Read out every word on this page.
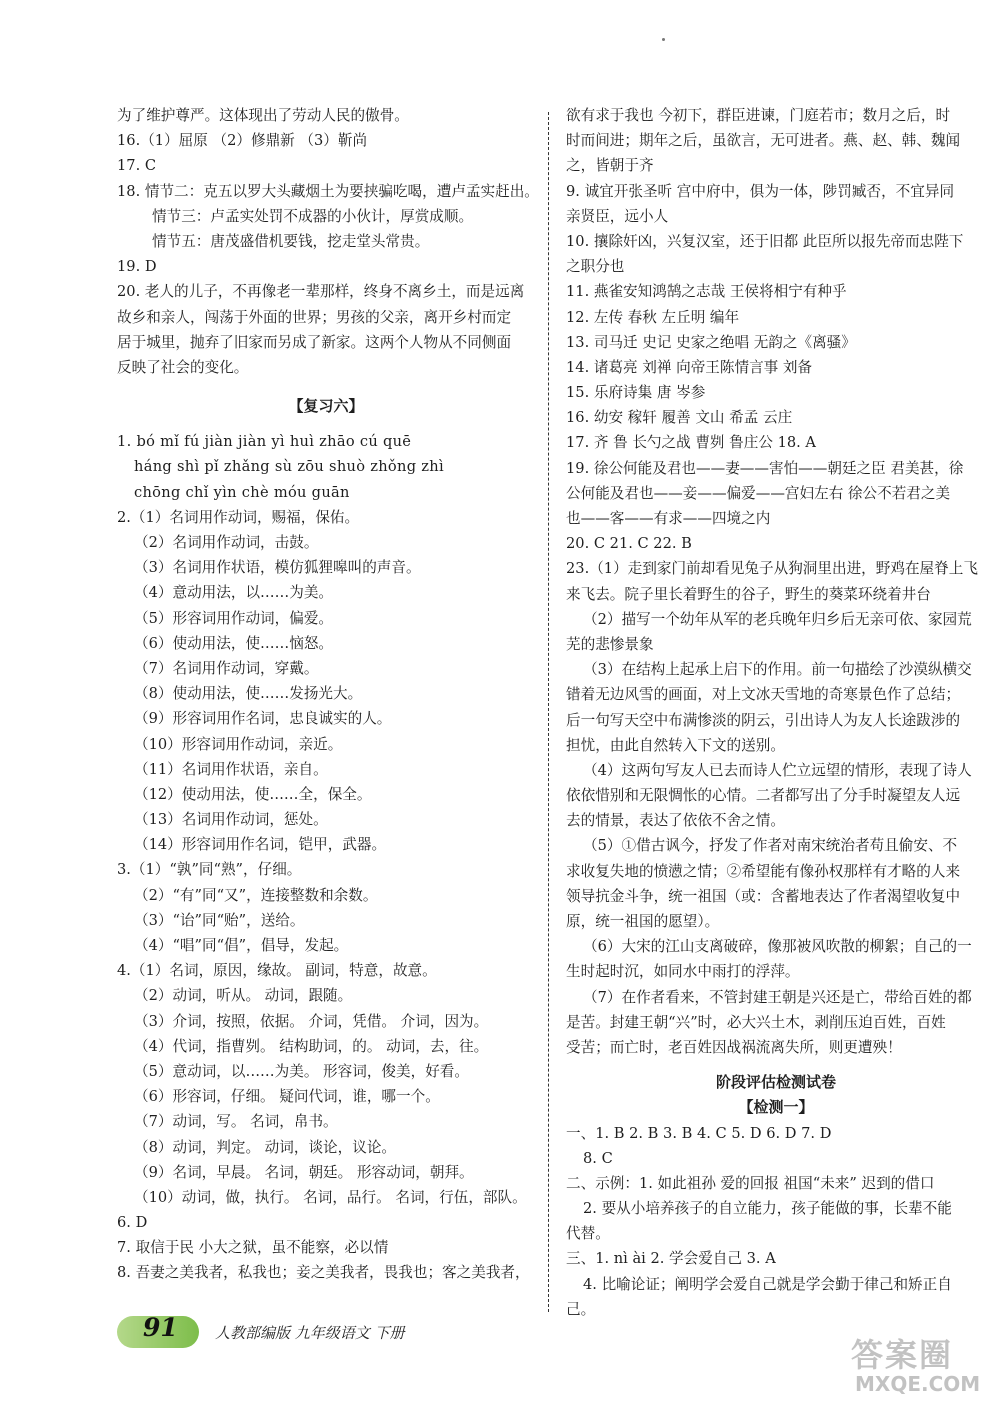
为了维护尊严。这体现出了劳动人民的傲骨。
16.（1）屈原 （2）修鼎新 （3）靳尚
17. C
18. 情节二：克五以罗大头藏烟土为要挟骗吃喝，遭卢孟实赶出。
情节三：卢孟实处罚不成器的小伙计，厚赏成顺。
情节五：唐茂盛借机要钱，挖走堂头常贵。
19. D
20. 老人的儿子，不再像老一辈那样，终身不离乡土，而是远离
故乡和亲人，闯荡于外面的世界；男孩的父亲，离开乡村而定
居于城里，抛弃了旧家而另成了新家。这两个人物从不同侧面
反映了社会的变化。
【复习六】
1. bó mǐ fú jiàn jiàn yì huì zhāo cú quē
háng shì pǐ zhǎng sù zōu shuò zhǒng zhì
chōng chǐ yìn chè móu guān
2.（1）名词用作动词，赐福，保佑。
（2）名词用作动词，击鼓。
（3）名词用作状语，模仿狐狸嗥叫的声音。
（4）意动用法，以……为美。
（5）形容词用作动词，偏爱。
（6）使动用法，使……恼怒。
（7）名词用作动词，穿戴。
（8）使动用法，使……发扬光大。
（9）形容词用作名词，忠良诚实的人。
（10）形容词用作动词，亲近。
（11）名词用作状语，亲自。
（12）使动用法，使……全，保全。
（13）名词用作动词，惩处。
（14）形容词用作名词，铠甲，武器。
3.（1）“孰”同“熟”，仔细。
（2）“有”同“又”，连接整数和余数。
（3）“诒”同“贻”，送给。
（4）“唱”同“倡”，倡导，发起。
4.（1）名词，原因，缘故。 副词，特意，故意。
（2）动词，听从。 动词，跟随。
（3）介词，按照，依据。 介词，凭借。 介词，因为。
（4）代词，指曹刿。 结构助词，的。 动词，去，往。
（5）意动词，以……为美。 形容词，俊美，好看。
（6）形容词，仔细。 疑问代词，谁，哪一个。
（7）动词，写。 名词，帛书。
（8）动词，判定。 动词，谈论，议论。
（9）名词，早晨。 名词，朝廷。 形容动词，朝拜。
（10）动词，做，执行。 名词，品行。 名词，行伍，部队。
6. D
7. 取信于民 小大之狱，虽不能察，必以情
8. 吾妻之美我者，私我也；妾之美我者，畏我也；客之美我者，
欲有求于我也 今初下，群臣进谏，门庭若市；数月之后，时
时而间进；期年之后，虽欲言，无可进者。燕、赵、韩、魏闻
之，皆朝于齐
9. 诚宜开张圣听 宫中府中，俱为一体，陟罚臧否，不宜异同
亲贤臣，远小人
10. 攘除奸凶，兴复汉室，还于旧都 此臣所以报先帝而忠陛下
之职分也
11. 燕雀安知鸿鹄之志哉 王侯将相宁有种乎
12. 左传 春秋 左丘明 编年
13. 司马迁 史记 史家之绝唱 无韵之《离骚》
14. 诸葛亮 刘禅 向帝王陈情言事 刘备
15. 乐府诗集 唐 岑参
16. 幼安 稼轩 履善 文山 希孟 云庄
17. 齐 鲁 长勺之战 曹刿 鲁庄公 18. A
19. 徐公何能及君也——妻——害怕——朝廷之臣 君美甚，徐
公何能及君也——妾——偏爱——宫妇左右 徐公不若君之美
也——客——有求——四境之内
20. C 21. C 22. B
23.（1）走到家门前却看见兔子从狗洞里出进，野鸡在屋脊上飞
来飞去。院子里长着野生的谷子，野生的葵菜环绕着井台
（2）描写一个幼年从军的老兵晚年归乡后无亲可依、家园荒
芜的悲惨景象
（3）在结构上起承上启下的作用。前一句描绘了沙漠纵横交
错着无边风雪的画面，对上文冰天雪地的奇寒景色作了总结；
后一句写天空中布满惨淡的阴云，引出诗人为友人长途跋涉的
担忧，由此自然转入下文的送别。
（4）这两句写友人已去而诗人伫立远望的情形，表现了诗人
依依惜别和无限惆怅的心情。二者都写出了分手时凝望友人远
去的情景，表达了依依不舍之情。
（5）①借古讽今，抒发了作者对南宋统治者苟且偷安、不
求收复失地的愤懑之情；②希望能有像孙权那样有才略的人来
领导抗金斗争，统一祖国（或：含蓄地表达了作者渴望收复中
原，统一祖国的愿望）。
（6）大宋的江山支离破碎，像那被风吹散的柳絮；自己的一
生时起时沉，如同水中雨打的浮萍。
（7）在作者看来，不管封建王朝是兴还是亡，带给百姓的都
是苦。封建王朝“兴”时，必大兴土木，剥削压迫百姓，百姓
受苦；而亡时，老百姓因战祸流离失所，则更遭殃！
阶段评估检测试卷
【检测一】
一、1. B 2. B 3. B 4. C 5. D 6. D 7. D
8. C
二、示例：1. 如此祖孙 爱的回报 祖国“未来” 迟到的借口
2. 要从小培养孩子的自立能力，孩子能做的事，长辈不能
代替。
三、1. nì ài 2. 学会爱自己 3. A
4. 比喻论证；阐明学会爱自己就是学会勤于律己和矫正自
己。
91 人教部编版 九年级语文 下册
答案圈
MXQE.COM
